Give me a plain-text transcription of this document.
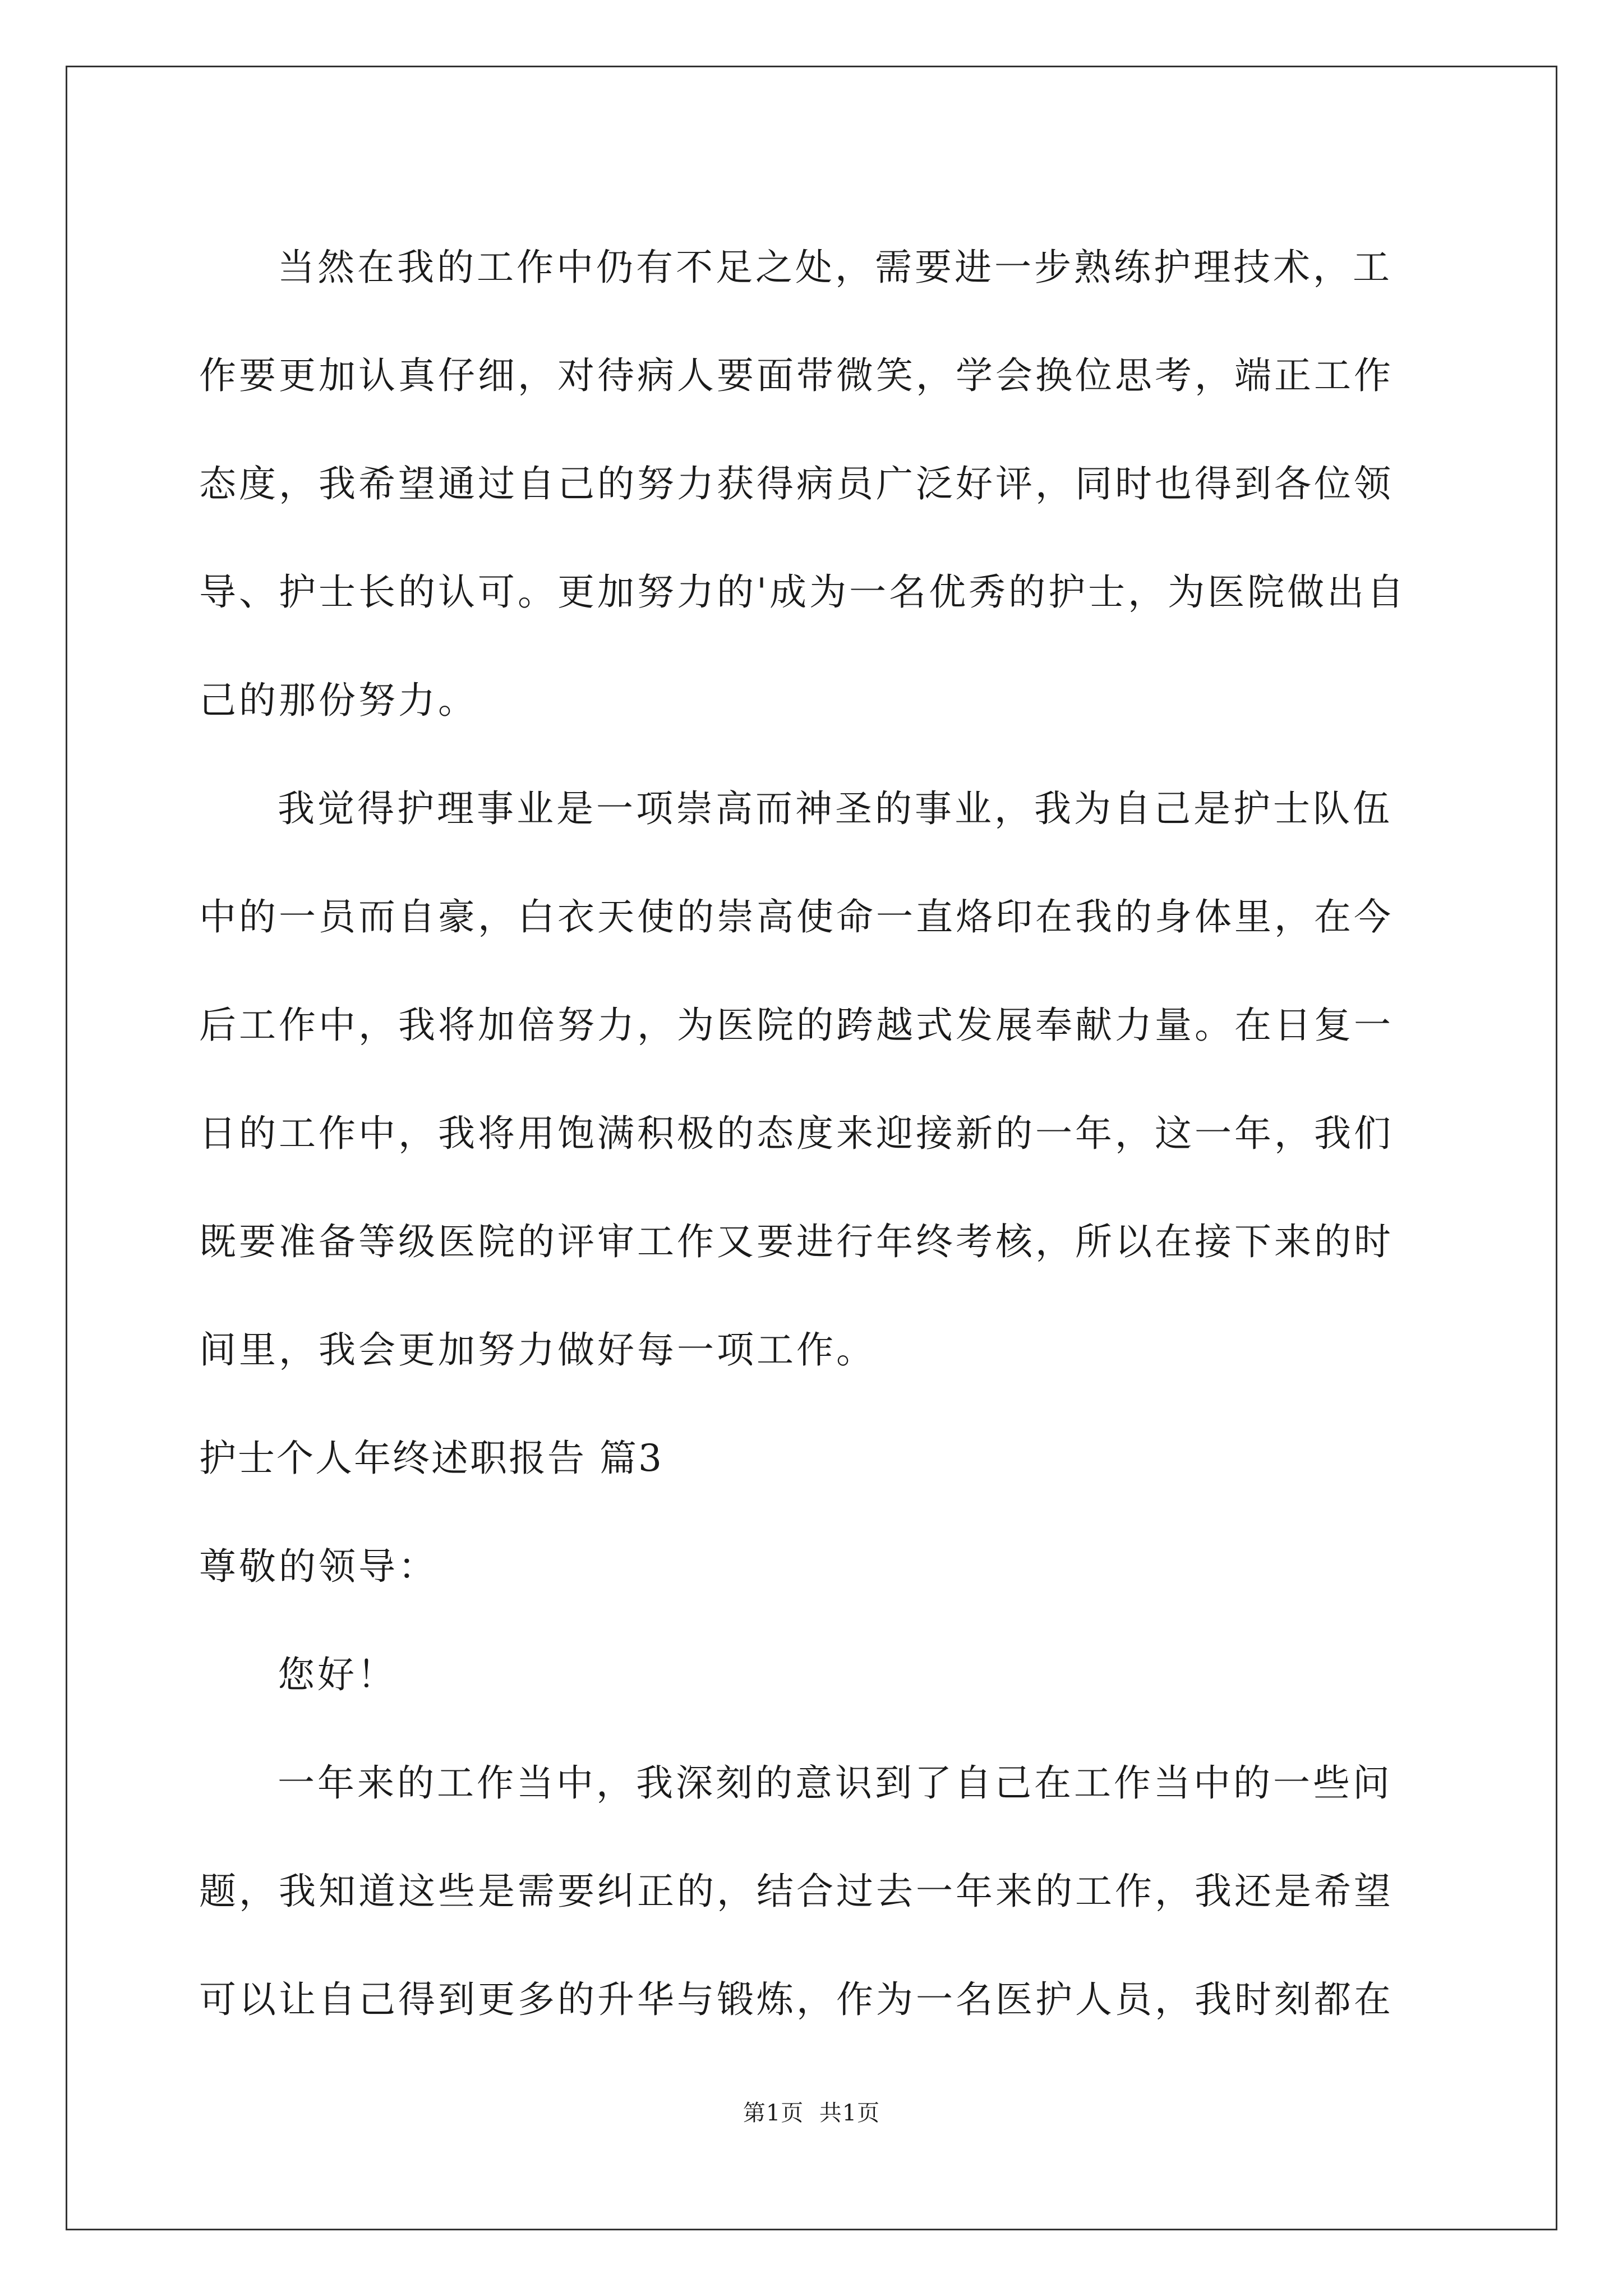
当然在我的工作中仍有不足之处，需要进一步熟练护理技术，工
作要更加认真仔细，对待病人要面带微笑，学会换位思考，端正工作
态度，我希望通过自己的努力获得病员广泛好评，同时也得到各位领
导、护士长的认可。更加努力的'成为一名优秀的护士，为医院做出自
己的那份努力。
我觉得护理事业是一项崇高而神圣的事业，我为自己是护士队伍
中的一员而自豪，白衣天使的崇高使命一直烙印在我的身体里，在今
后工作中，我将加倍努力，为医院的跨越式发展奉献力量。在日复一
日的工作中，我将用饱满积极的态度来迎接新的一年，这一年，我们
既要准备等级医院的评审工作又要进行年终考核，所以在接下来的时
间里，我会更加努力做好每一项工作。
护士个人年终述职报告 篇3
尊敬的领导：
您好！
一年来的工作当中，我深刻的意识到了自己在工作当中的一些问
题，我知道这些是需要纠正的，结合过去一年来的工作，我还是希望
可以让自己得到更多的升华与锻炼，作为一名医护人员，我时刻都在
第1页  共1页
